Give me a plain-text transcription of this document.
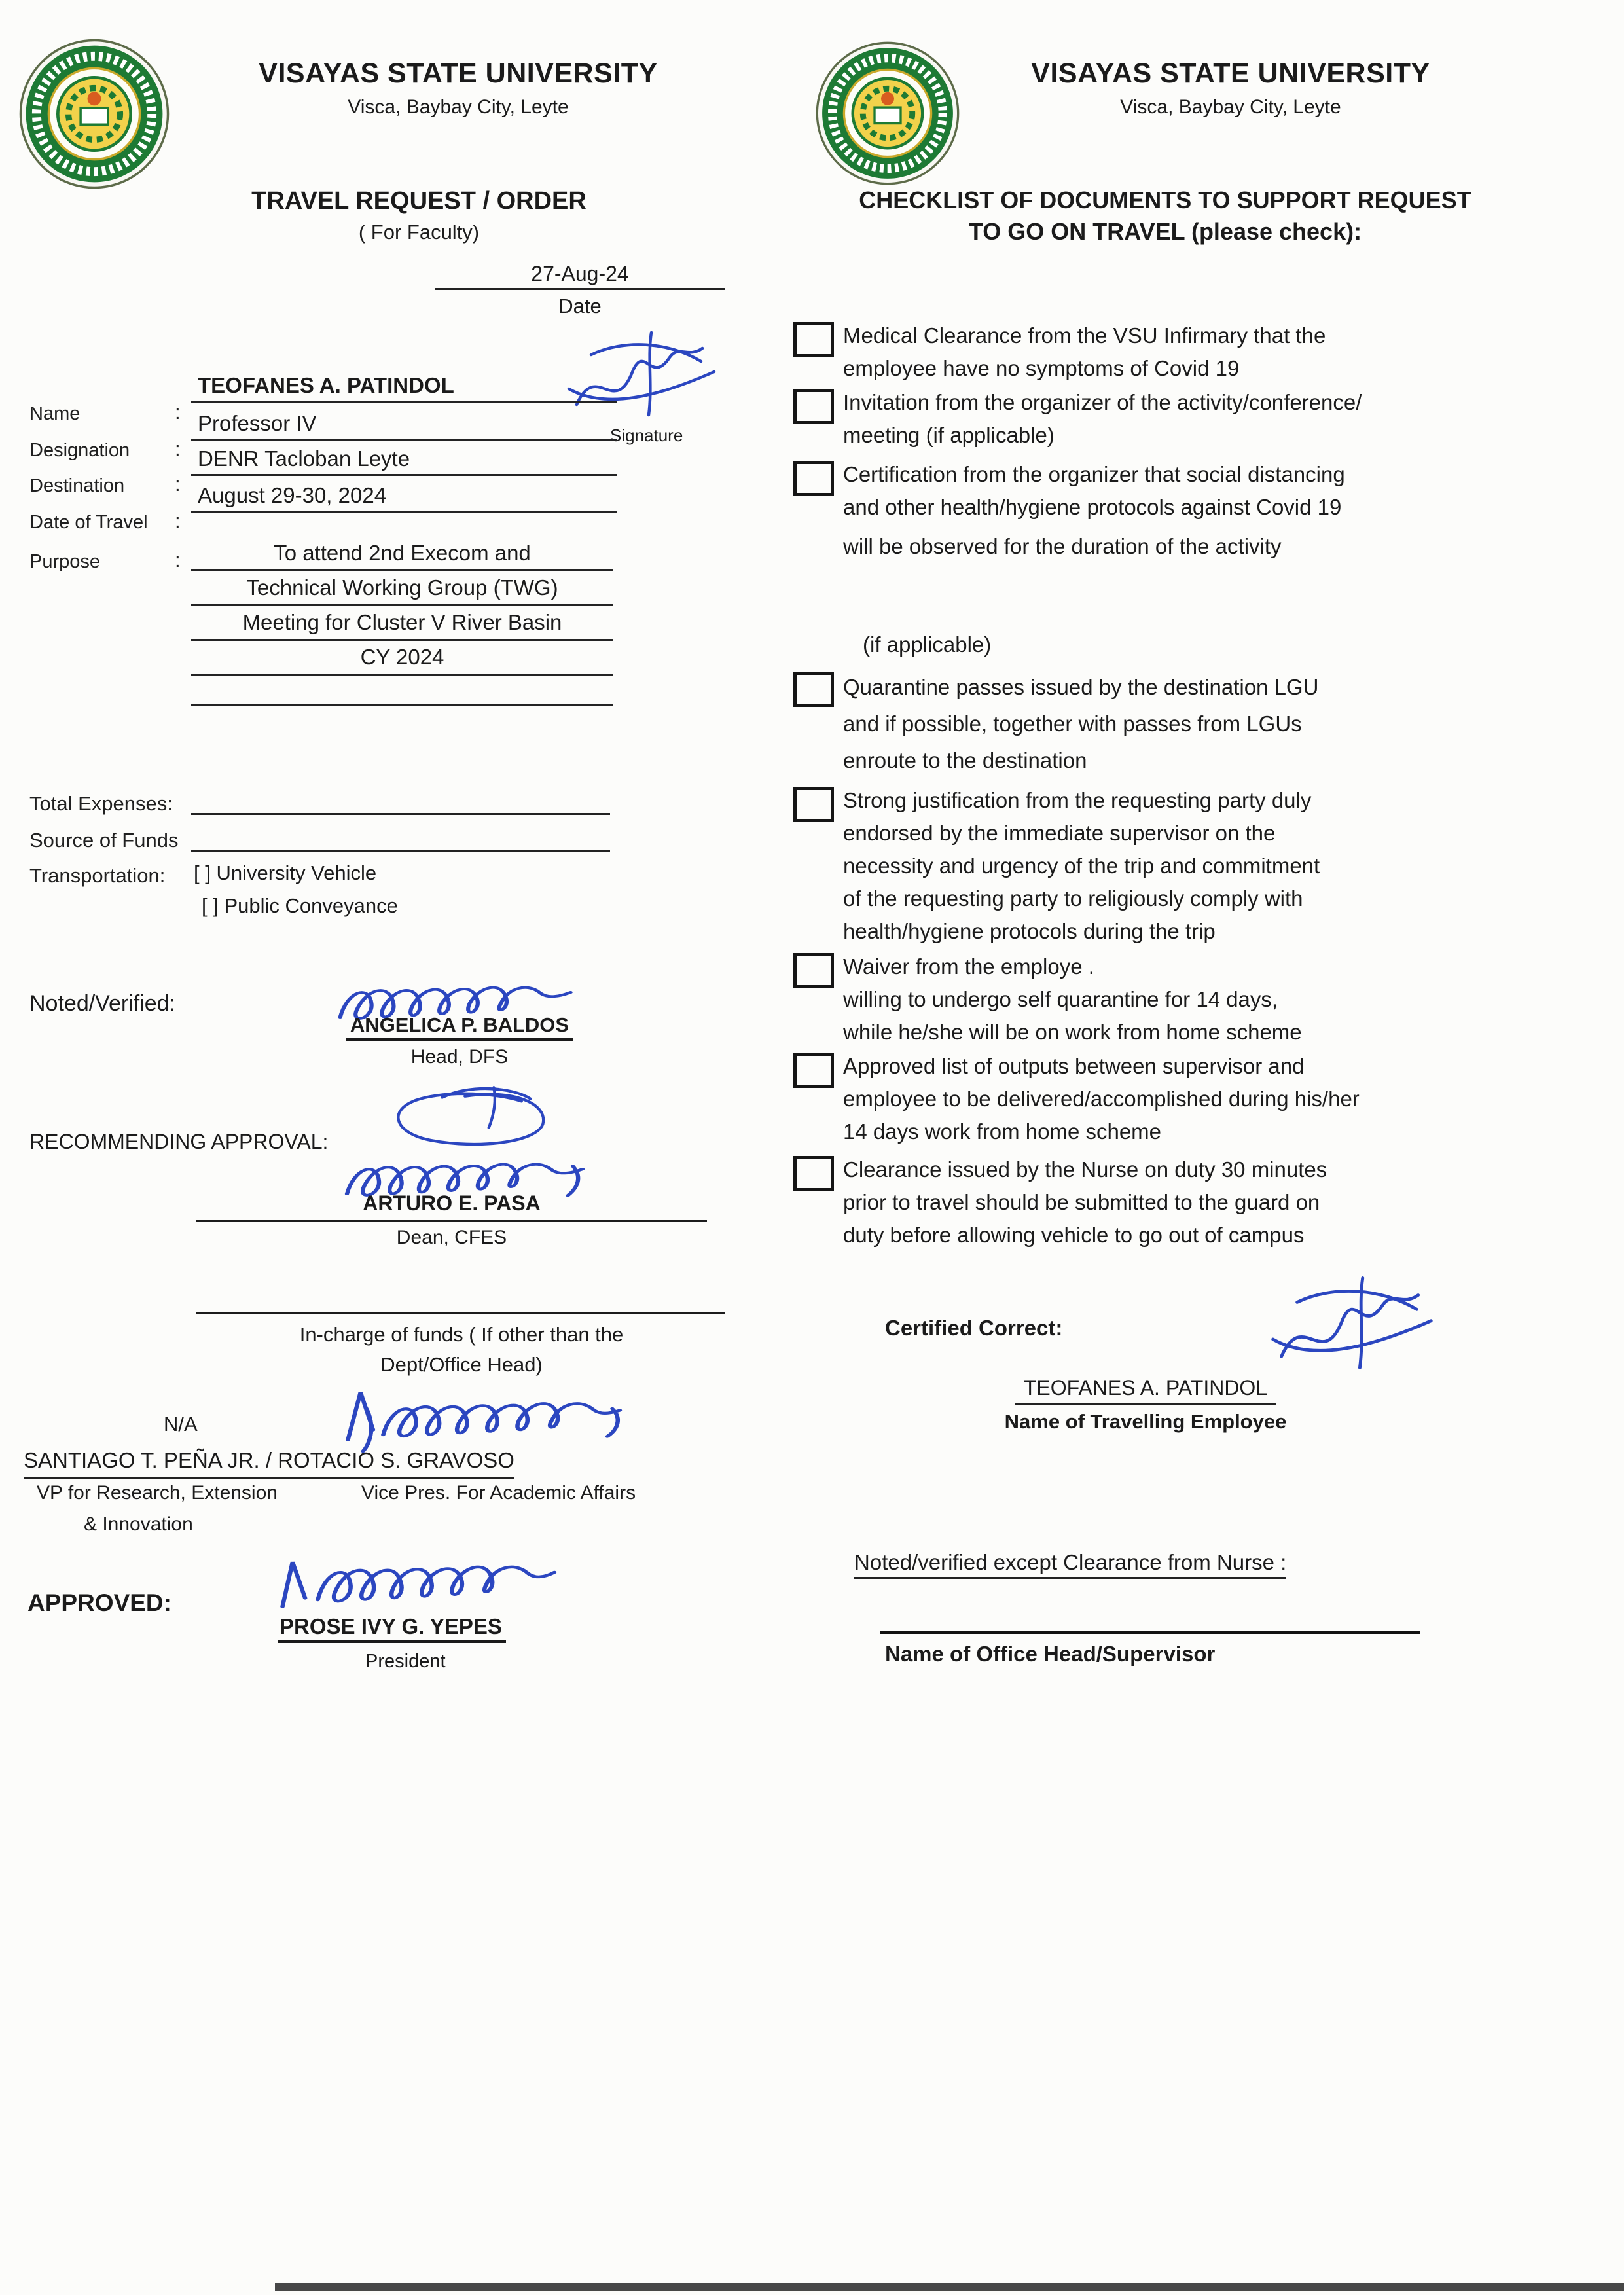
VISAYAS STATE UNIVERSITY
Visca, Baybay City, Leyte
TRAVEL REQUEST / ORDER
( For Faculty)
27-Aug-24
Date
Signature
Name	:
TEOFANES A. PATINDOL
Designation :
Professor IV
Destination :
DENR Tacloban Leyte
Date of Travel :
August 29-30, 2024
Purpose	:	To attend 2nd Execom and
Technical Working Group (TWG)
Meeting for Cluster V River Basin
CY 2024
Total Expenses:
Source of Funds
Transportation: [ ] University Vehicle
[ ] Public Conveyance
Noted/Verified:
ANGELICA P. BALDOS
Head, DFS
RECOMMENDING APPROVAL:
ARTURO E. PASA
Dean, CFES
In-charge of funds ( If other than the
Dept/Office Head)
N/A
SANTIAGO T. PEÑA JR. / ROTACIO S. GRAVOSO
VP for Research, Extension	Vice Pres. For Academic Affairs
& Innovation
APPROVED:
PROSE IVY G. YEPES
President
VISAYAS STATE UNIVERSITY
Visca, Baybay City, Leyte
CHECKLIST OF DOCUMENTS TO SUPPORT REQUEST
TO GO ON TRAVEL (please check):
Medical Clearance from the VSU Infirmary that the
employee have no symptoms of Covid 19
Invitation from the organizer of the activity/conference/
meeting (if applicable)
Certification from the organizer that social distancing
and other health/hygiene protocols against Covid 19
will be observed for the duration of the activity
(if applicable)
Quarantine passes issued by the destination LGU
and if possible, together with passes from LGUs
enroute to the destination
Strong justification from the requesting party duly
endorsed by the immediate supervisor on the
necessity and urgency of the trip and commitment
of the requesting party to religiously comply with
health/hygiene protocols during the trip
Waiver from the employe .
willing to undergo self quarantine for 14 days,
while he/she will be on work from home scheme
Approved list of outputs between supervisor and
employee to be delivered/accomplished during his/her
14 days work from home scheme
Clearance issued by the Nurse on duty 30 minutes
prior to travel should be submitted to the guard on
duty before allowing vehicle to go out of campus
Certified Correct:
TEOFANES A. PATINDOL
Name of Travelling Employee
Noted/verified except Clearance from Nurse :
Name of Office Head/Supervisor
